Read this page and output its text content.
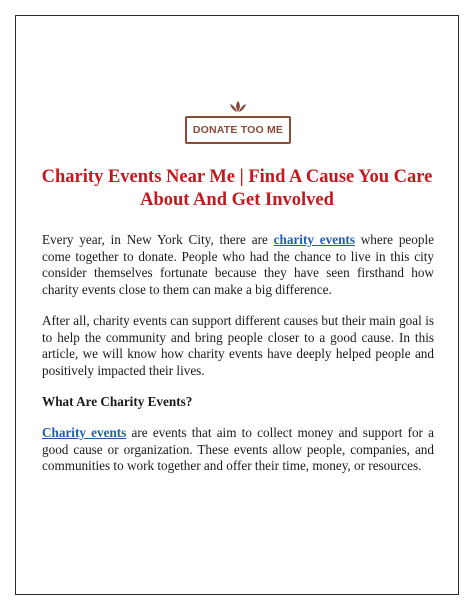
DONATE TOO ME
Charity Events Near Me | Find A Cause You Care About And Get Involved

Every year, in New York City, there are charity events where people come together to donate. People who had the chance to live in this city consider themselves fortunate because they have seen firsthand how charity events close to them can make a big difference.

After all, charity events can support different causes but their main goal is to help the community and bring people closer to a good cause. In this article, we will know how charity events have deeply helped people and positively impacted their lives.

What Are Charity Events?

Charity events are events that aim to collect money and support for a good cause or organization. These events allow people, companies, and communities to work together and offer their time, money, or resources.
